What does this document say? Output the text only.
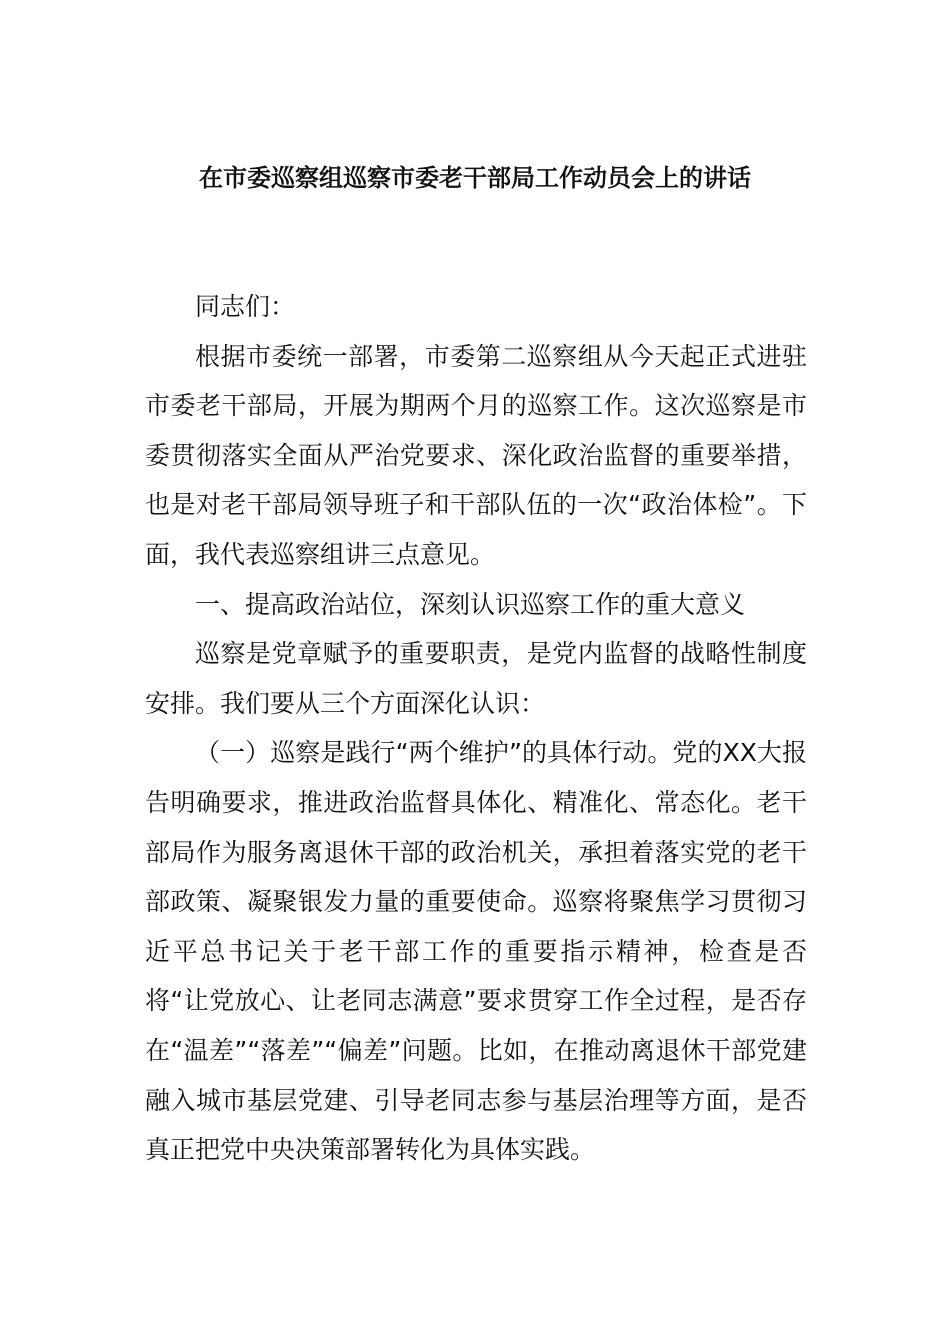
在市委巡察组巡察市委老干部局工作动员会上的讲话

同志们：

根据市委统一部署，市委第二巡察组从今天起正式进驻市委老干部局，开展为期两个月的巡察工作。这次巡察是市委贯彻落实全面从严治党要求、深化政治监督的重要举措，也是对老干部局领导班子和干部队伍的一次“政治体检”。下面，我代表巡察组讲三点意见。

一、提高政治站位，深刻认识巡察工作的重大意义

巡察是党章赋予的重要职责，是党内监督的战略性制度安排。我们要从三个方面深化认识：

（一）巡察是践行“两个维护”的具体行动。党的XX大报告明确要求，推进政治监督具体化、精准化、常态化。老干部局作为服务离退休干部的政治机关，承担着落实党的老干部政策、凝聚银发力量的重要使命。巡察将聚焦学习贯彻习近平总书记关于老干部工作的重要指示精神，检查是否将“让党放心、让老同志满意”要求贯穿工作全过程，是否存在“温差”“落差”“偏差”问题。比如，在推动离退休干部党建融入城市基层党建、引导老同志参与基层治理等方面，是否真正把党中央决策部署转化为具体实践。
